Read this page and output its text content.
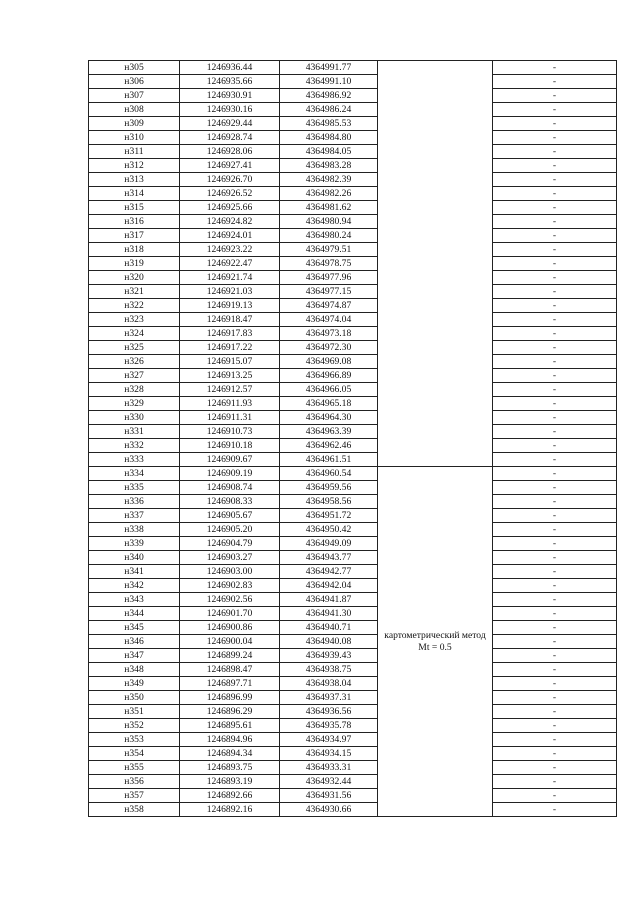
н305	1246936.44	4364991.77		-
н306	1246935.66	4364991.10		-
н307	1246930.91	4364986.92		-
н308	1246930.16	4364986.24		-
н309	1246929.44	4364985.53		-
н310	1246928.74	4364984.80		-
н311	1246928.06	4364984.05		-
н312	1246927.41	4364983.28		-
н313	1246926.70	4364982.39		-
н314	1246926.52	4364982.26		-
н315	1246925.66	4364981.62		-
н316	1246924.82	4364980.94		-
н317	1246924.01	4364980.24		-
н318	1246923.22	4364979.51		-
н319	1246922.47	4364978.75		-
н320	1246921.74	4364977.96		-
н321	1246921.03	4364977.15		-
н322	1246919.13	4364974.87		-
н323	1246918.47	4364974.04		-
н324	1246917.83	4364973.18		-
н325	1246917.22	4364972.30		-
н326	1246915.07	4364969.08		-
н327	1246913.25	4364966.89		-
н328	1246912.57	4364966.05		-
н329	1246911.93	4364965.18		-
н330	1246911.31	4364964.30		-
н331	1246910.73	4364963.39		-
н332	1246910.18	4364962.46		-
н333	1246909.67	4364961.51		-
н334	1246909.19	4364960.54	картометрический метод Mt = 0.5	-
н335	1246908.74	4364959.56		-
н336	1246908.33	4364958.56		-
н337	1246905.67	4364951.72		-
н338	1246905.20	4364950.42		-
н339	1246904.79	4364949.09		-
н340	1246903.27	4364943.77		-
н341	1246903.00	4364942.77		-
н342	1246902.83	4364942.04		-
н343	1246902.56	4364941.87		-
н344	1246901.70	4364941.30		-
н345	1246900.86	4364940.71		-
н346	1246900.04	4364940.08		-
н347	1246899.24	4364939.43		-
н348	1246898.47	4364938.75		-
н349	1246897.71	4364938.04		-
н350	1246896.99	4364937.31		-
н351	1246896.29	4364936.56		-
н352	1246895.61	4364935.78		-
н353	1246894.96	4364934.97		-
н354	1246894.34	4364934.15		-
н355	1246893.75	4364933.31		-
н356	1246893.19	4364932.44		-
н357	1246892.66	4364931.56		-
н358	1246892.16	4364930.66		-
